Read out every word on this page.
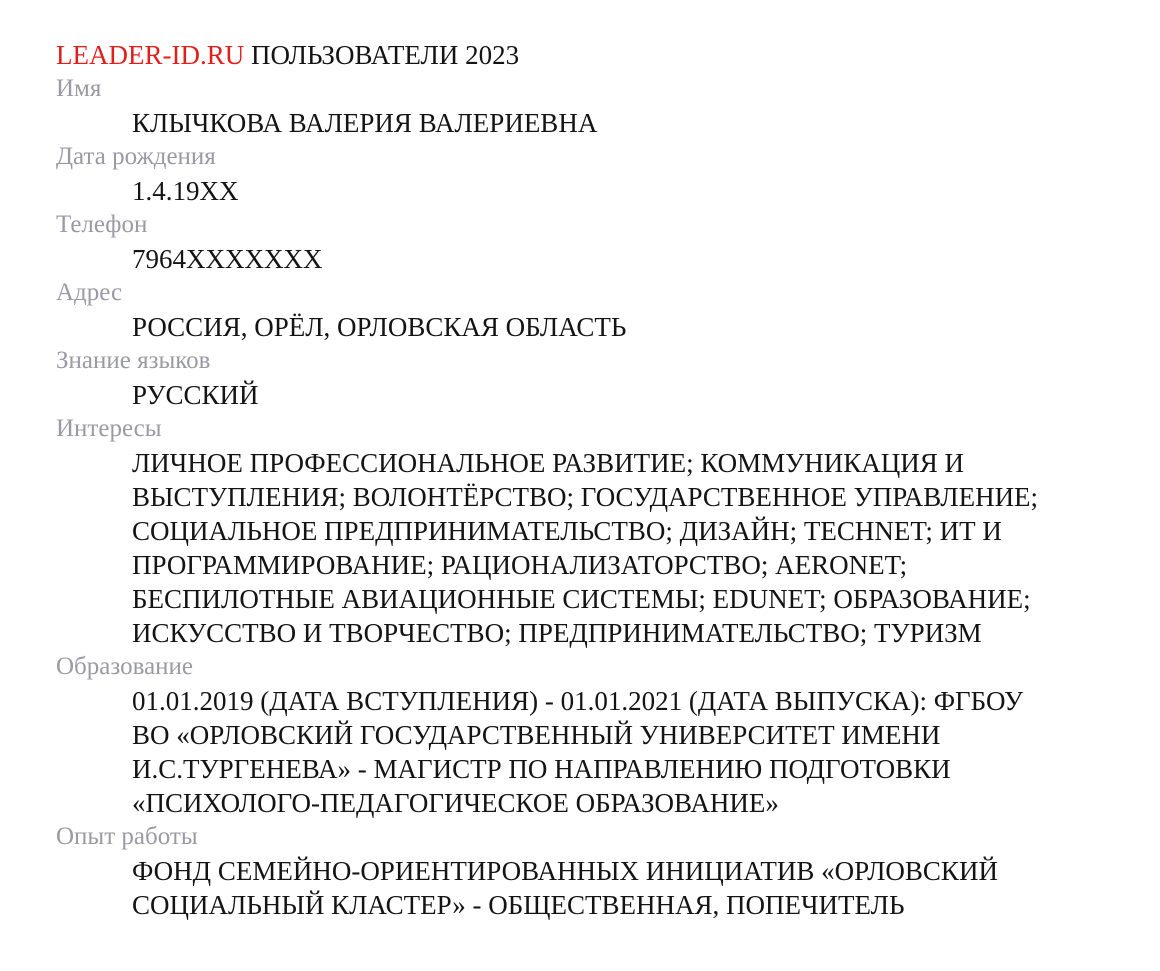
LEADER-ID.RU ПОЛЬЗОВАТЕЛИ 2023
Имя
КЛЫЧКОВА ВАЛЕРИЯ ВАЛЕРИЕВНА
Дата рождения
1.4.19XX
Телефон
7964XXXXXXX
Адрес
РОССИЯ, ОРЁЛ, ОРЛОВСКАЯ ОБЛАСТЬ
Знание языков
РУССКИЙ
Интересы
ЛИЧНОЕ ПРОФЕССИОНАЛЬНОЕ РАЗВИТИЕ; КОММУНИКАЦИЯ И
ВЫСТУПЛЕНИЯ; ВОЛОНТЁРСТВО; ГОСУДАРСТВЕННОЕ УПРАВЛЕНИЕ;
СОЦИАЛЬНОЕ ПРЕДПРИНИМАТЕЛЬСТВО; ДИЗАЙН; TECHNET; ИТ И
ПРОГРАММИРОВАНИЕ; РАЦИОНАЛИЗАТОРСТВО; AERONET;
БЕСПИЛОТНЫЕ АВИАЦИОННЫЕ СИСТЕМЫ; EDUNET; ОБРАЗОВАНИЕ;
ИСКУССТВО И ТВОРЧЕСТВО; ПРЕДПРИНИМАТЕЛЬСТВО; ТУРИЗМ
Образование
01.01.2019 (ДАТА ВСТУПЛЕНИЯ) - 01.01.2021 (ДАТА ВЫПУСКА): ФГБОУ
ВО «ОРЛОВСКИЙ ГОСУДАРСТВЕННЫЙ УНИВЕРСИТЕТ ИМЕНИ
И.С.ТУРГЕНЕВА» - МАГИСТР ПО НАПРАВЛЕНИЮ ПОДГОТОВКИ
«ПСИХОЛОГО-ПЕДАГОГИЧЕСКОЕ ОБРАЗОВАНИЕ»
Опыт работы
ФОНД СЕМЕЙНО-ОРИЕНТИРОВАННЫХ ИНИЦИАТИВ «ОРЛОВСКИЙ
СОЦИАЛЬНЫЙ КЛАСТЕР» - ОБЩЕСТВЕННАЯ, ПОПЕЧИТЕЛЬ
